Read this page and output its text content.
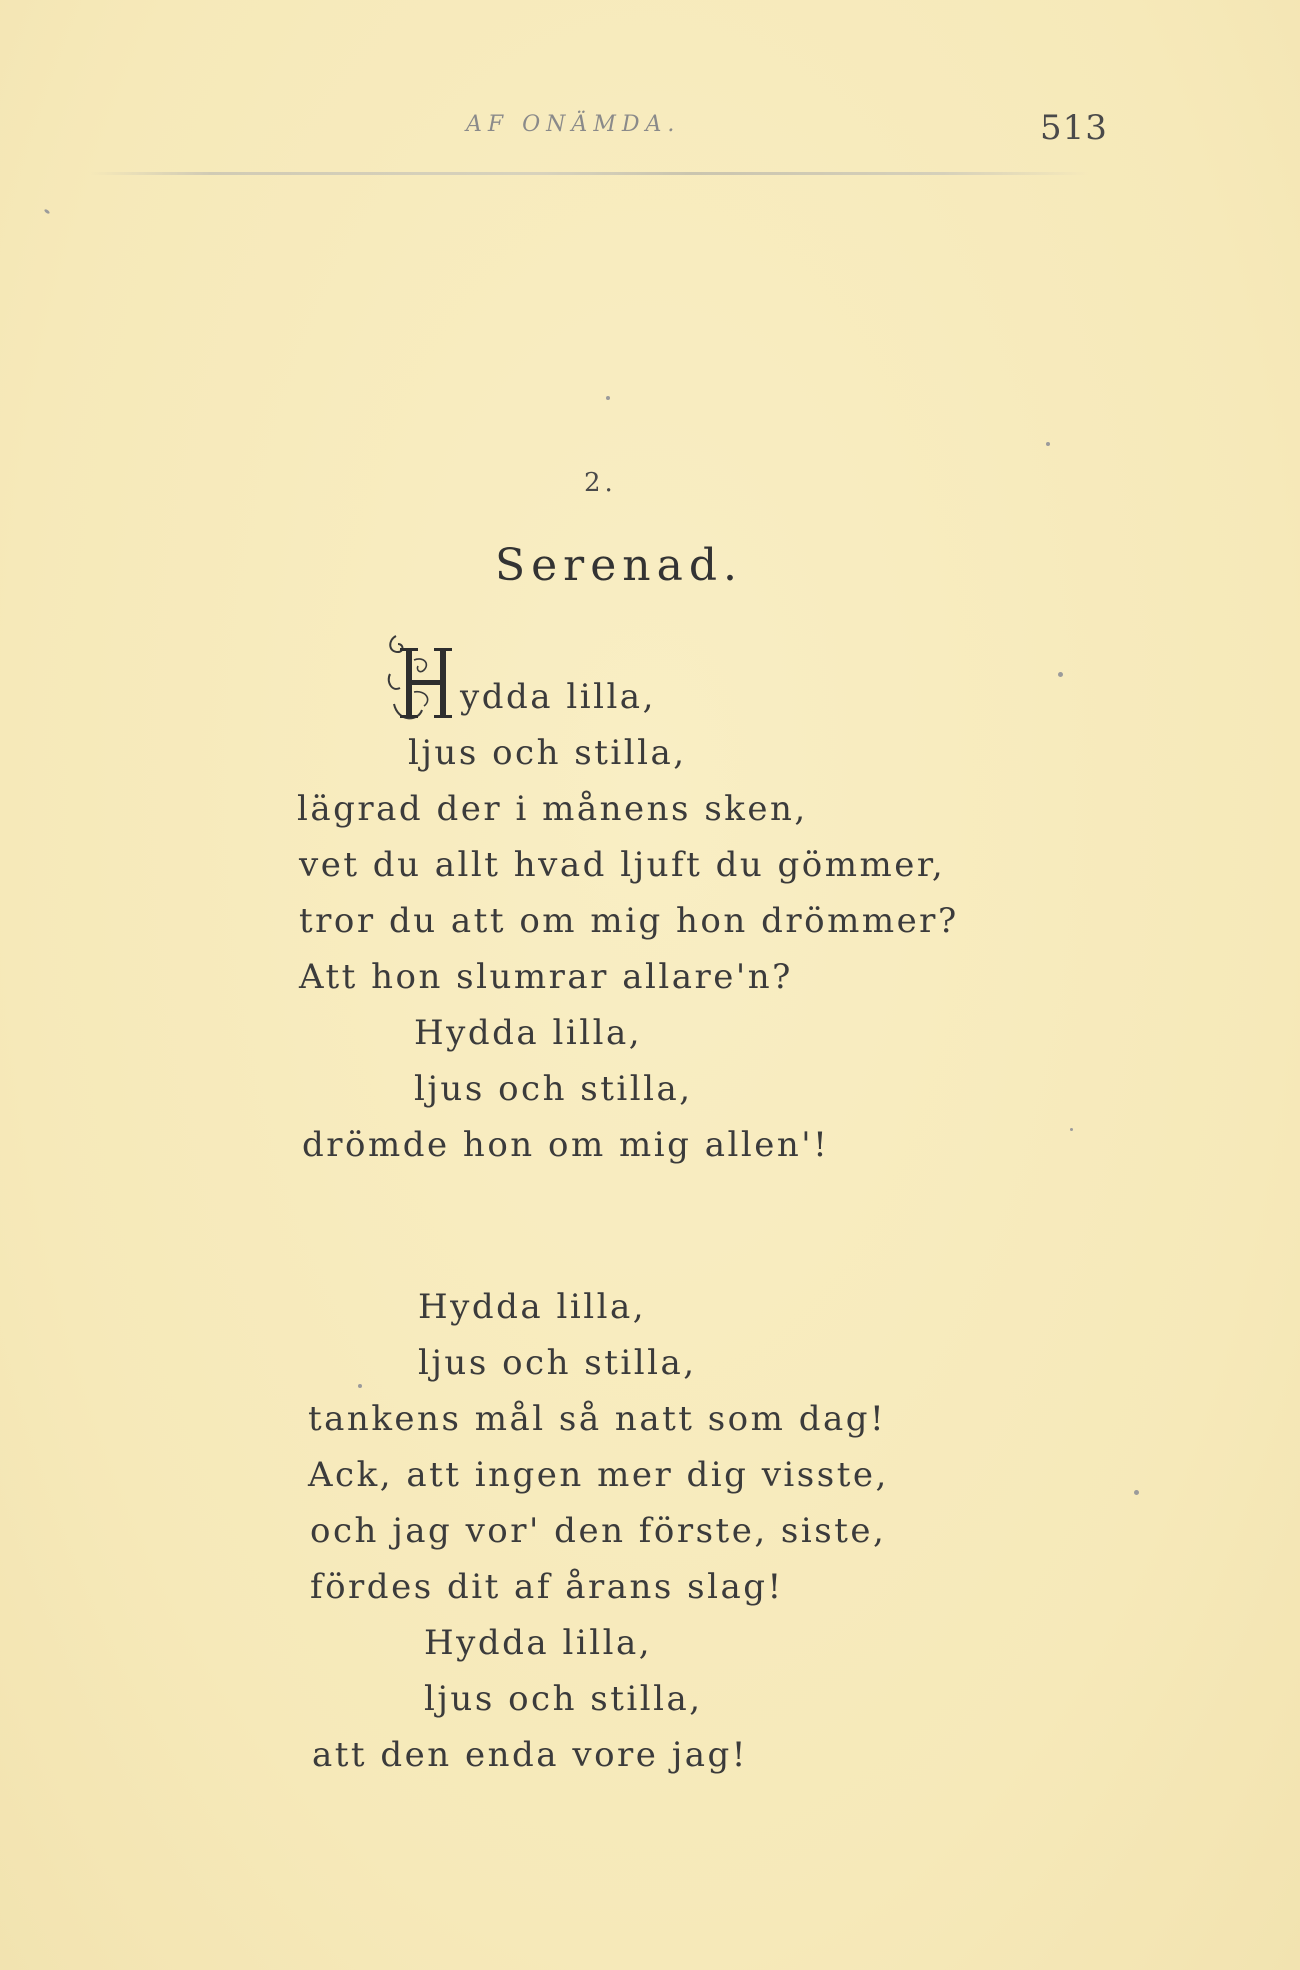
AF ONÄMDA.	513
2.
Serenad.
H
ydda lilla,
ljus och stilla,
lägrad der i månens sken,
vet du allt hvad ljuft du gömmer,
tror du att om mig hon drömmer?
Att hon slumrar allare'n?
Hydda lilla,
ljus och stilla,
drömde hon om mig allen'!
Hydda lilla,
ljus och stilla,
tankens mål så natt som dag!
Ack, att ingen mer dig visste,
och jag vor' den förste, siste,
fördes dit af årans slag!
Hydda lilla,
ljus och stilla,
att den enda vore jag!
